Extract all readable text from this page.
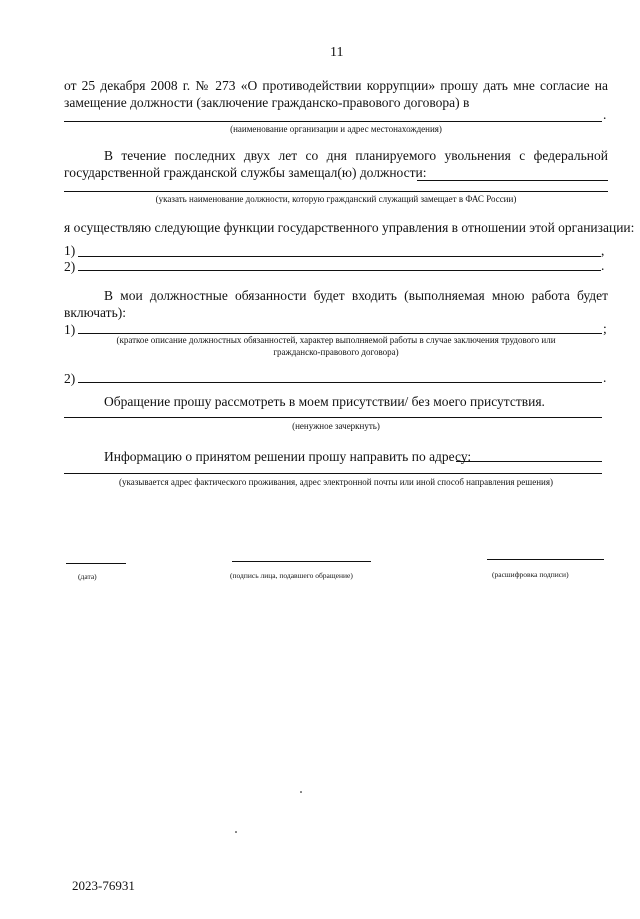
11
от 25 декабря 2008 г. № 273 «О противодействии коррупции» прошу дать мне согласие на
замещение должности (заключение гражданско-правового договора) в
.
(наименование организации и адрес местонахождения)
В течение последних двух лет со дня планируемого увольнения с федеральной
государственной гражданской службы замещал(ю) должности:
(указать наименование должности, которую гражданский служащий замещает в ФАС России)
я осуществляю следующие функции государственного управления в отношении этой организации:
1)	,
2)	.
В мои должностные обязанности будет входить (выполняемая мною работа будет
включать):
1)	;
(краткое описание должностных обязанностей, характер выполняемой работы в случае заключения трудового или
гражданско-правового договора)
2)	.
Обращение прошу рассмотреть в моем присутствии/ без моего присутствия.
(ненужное зачеркнуть)
Информацию о принятом решении прошу направить по адресу:
(указывается адрес фактического проживания, адрес электронной почты или иной способ направления решения)
(дата)	(подпись лица, подавшего обращение)	(расшифровка подписи)
2023-76931
